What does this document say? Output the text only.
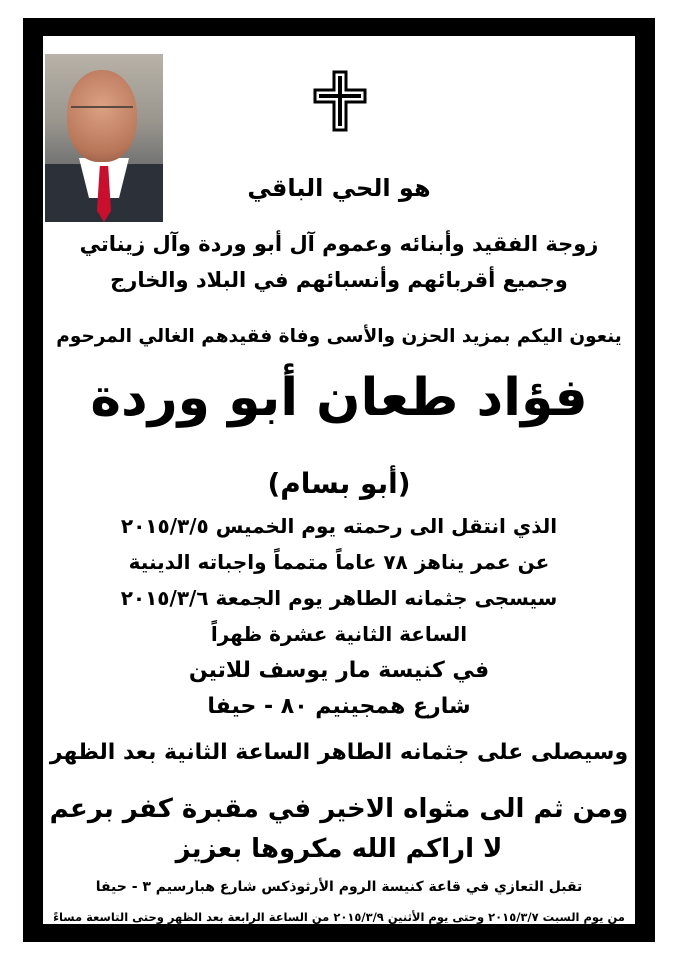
هو الحي الباقي
زوجة الفقيد وأبنائه وعموم آل أبو وردة وآل زيناتي
وجميع أقربائهم وأنسبائهم في البلاد والخارج
ينعون اليكم بمزيد الحزن والأسى وفاة فقيدهم الغالي المرحوم
فؤاد طعان أبو وردة
(أبو بسام)
الذي انتقل الى رحمته يوم الخميس ٢٠١٥/٣/٥
عن عمر يناهز ٧٨ عاماً متمماً واجباته الدينية
سيسجى جثمانه الطاهر يوم الجمعة ٢٠١٥/٣/٦
الساعة الثانية عشرة ظهراً
في كنيسة مار يوسف للاتين
شارع همجينيم ٨٠ - حيفا
وسيصلى على جثمانه الطاهر الساعة الثانية بعد الظهر
ومن ثم الى مثواه الاخير في مقبرة كفر برعم
لا اراكم الله مكروها بعزيز
تقبل التعازي في قاعة كنيسة الروم الأرثوذكس شارع هبارسيم ٣ - حيفا
من يوم السبت ٢٠١٥/٣/٧ وحتى يوم الأثنين ٢٠١٥/٣/٩ من الساعة الرابعة بعد الظهر وحتى التاسعة مساءً
